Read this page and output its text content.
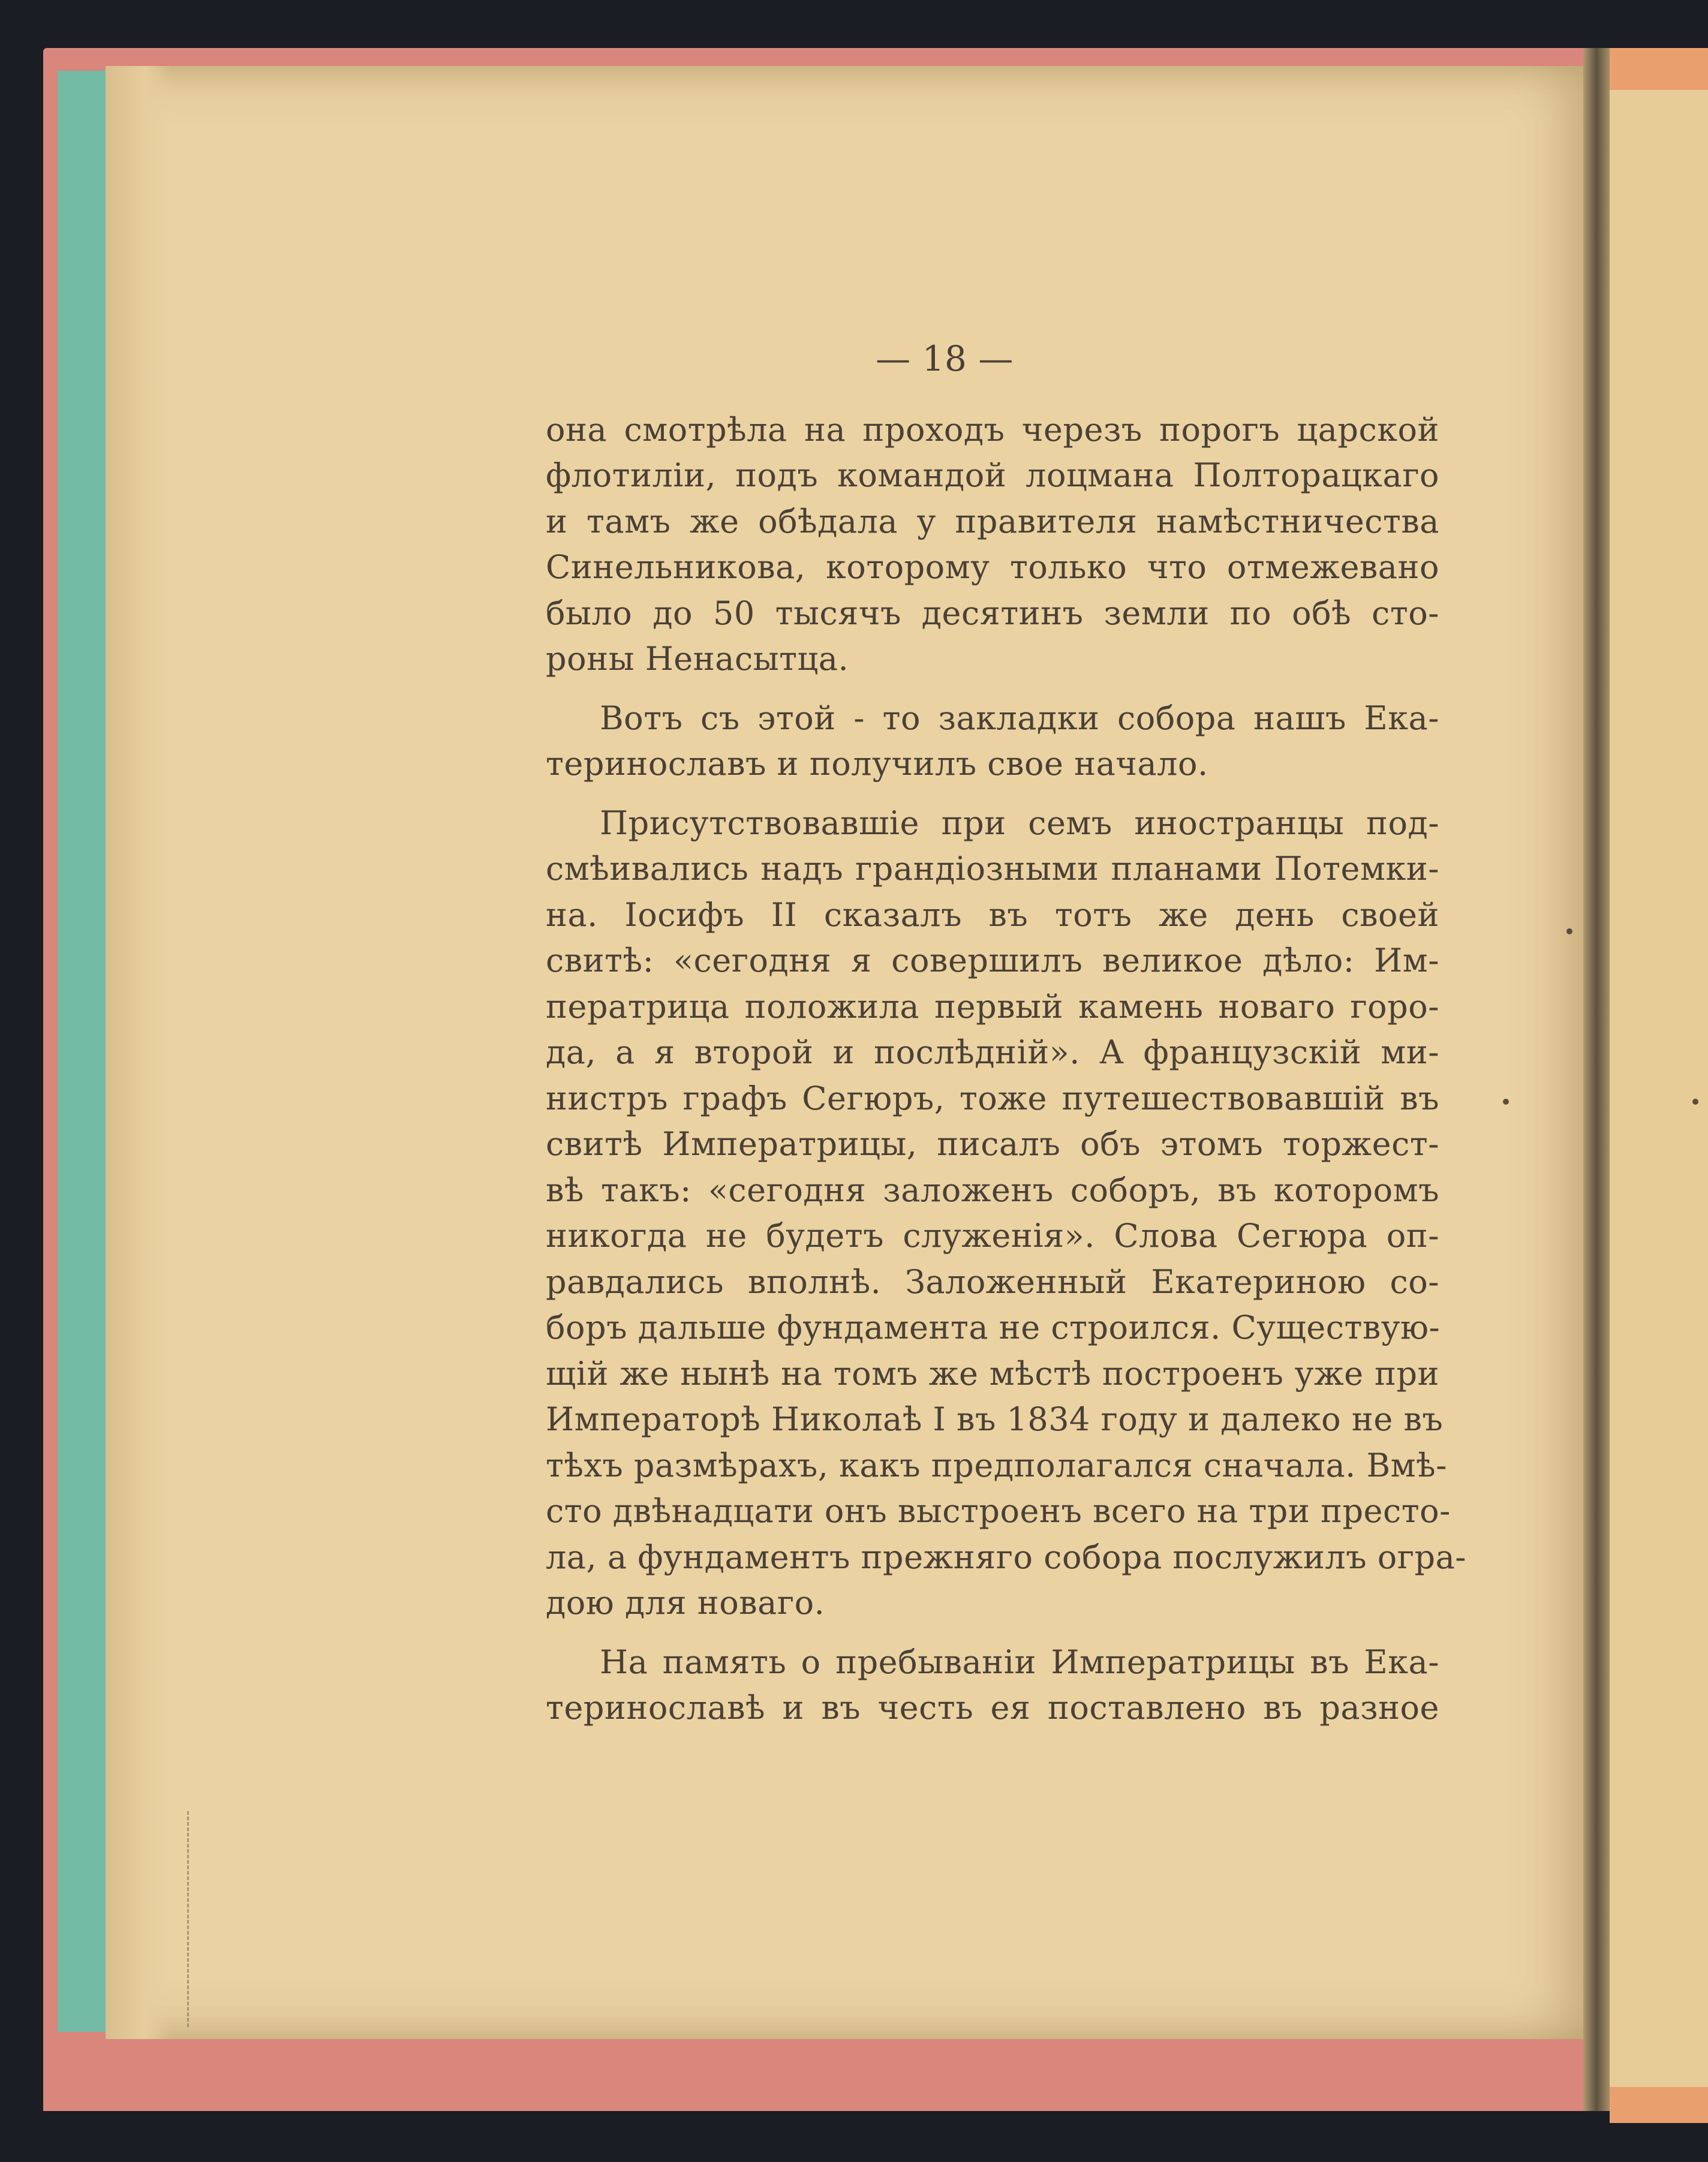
— 18 —
она смотрѣла на проходъ черезъ порогъ царской
флотиліи, подъ командой лоцмана Полторацкаго
и тамъ же обѣдала у правителя намѣстничества
Синельникова, которому только что отмежевано
было до 50 тысячъ десятинъ земли по обѣ сто-
роны Ненасытца.
Вотъ съ этой - то закладки собора нашъ Ека-
теринославъ и получилъ свое начало.
Присутствовавшіе при семъ иностранцы под-
смѣивались надъ грандіозными планами Потемки-
на. Іосифъ II сказалъ въ тотъ же день своей
свитѣ: «сегодня я совершилъ великое дѣло: Им-
ператрица положила первый камень новаго горо-
да, а я второй и послѣдній». А французскій ми-
нистръ графъ Сегюръ, тоже путешествовавшій въ
свитѣ Императрицы, писалъ объ этомъ торжест-
вѣ такъ: «сегодня заложенъ соборъ, въ которомъ
никогда не будетъ служенія». Слова Сегюра оп-
равдались вполнѣ. Заложенный Екатериною со-
боръ дальше фундамента не строился. Существую-
щій же нынѣ на томъ же мѣстѣ построенъ уже при
Императорѣ Николаѣ I въ 1834 году и далеко не въ
тѣхъ размѣрахъ, какъ предполагался сначала. Вмѣ-
сто двѣнадцати онъ выстроенъ всего на три престо-
ла, а фундаментъ прежняго собора послужилъ огра-
дою для новаго.
На память о пребываніи Императрицы въ Ека-
теринославѣ и въ честь ея поставлено въ разное
